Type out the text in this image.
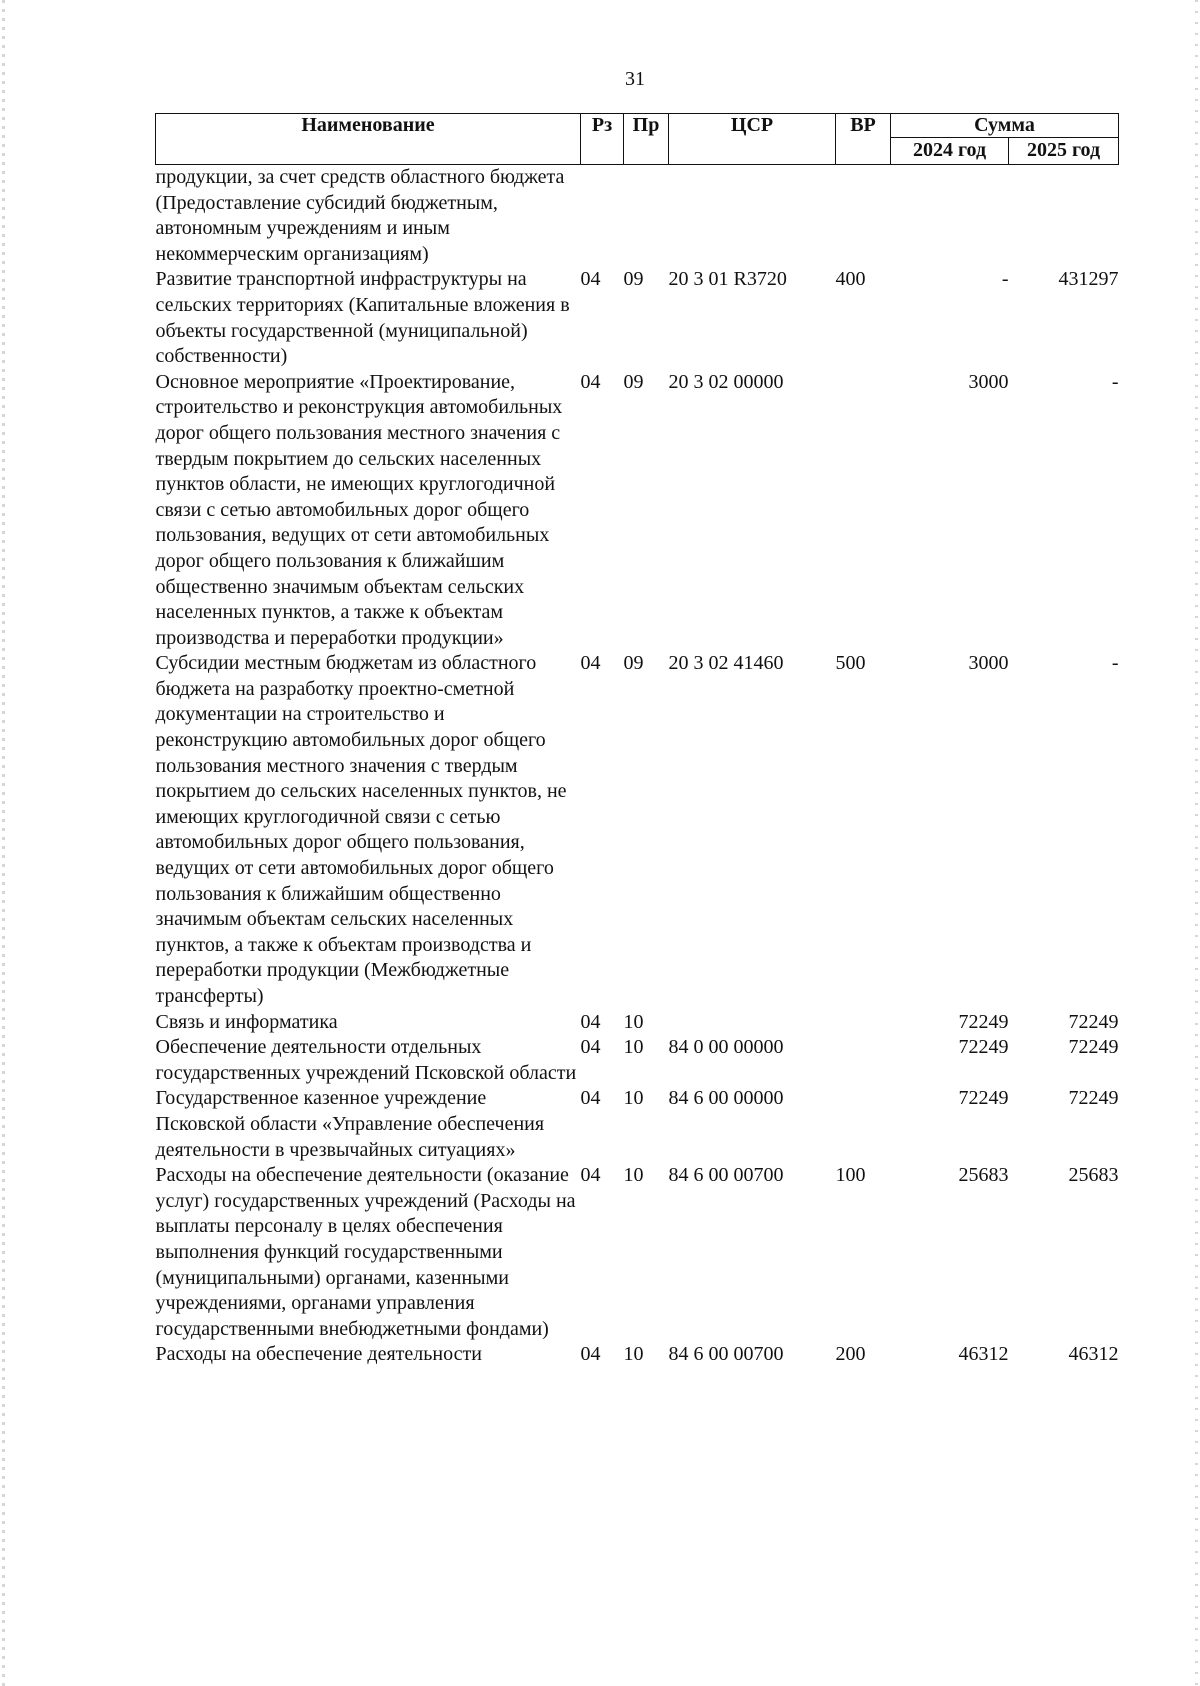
31
Наименование	Рз	Пр	ЦСР	ВР	Сумма	
					2024 год	2025 год
продукции, за счет средств областного бюджета (Предоставление субсидий бюджетным, автономным учреждениям и иным некоммерческим организациям)						
Развитие транспортной инфраструктуры на сельских территориях (Капитальные вложения в объекты государственной (муниципальной) собственности)	04	09	20 3 01 R3720	400	-	431297
Основное мероприятие «Проектирование, строительство и реконструкция автомобильных дорог общего пользования местного значения с твердым покрытием до сельских населенных пунктов области, не имеющих круглогодичной связи с сетью автомобильных дорог общего пользования, ведущих от сети автомобильных дорог общего пользования к ближайшим общественно значимым объектам сельских населенных пунктов, а также к объектам производства и переработки продукции»	04	09	20 3 02 00000		3000	-
Субсидии местным бюджетам из областного бюджета на разработку проектно-сметной документации на строительство и реконструкцию автомобильных дорог общего пользования местного значения с твердым покрытием до сельских населенных пунктов, не имеющих круглогодичной связи с сетью автомобильных дорог общего пользования, ведущих от сети автомобильных дорог общего пользования к ближайшим общественно значимым объектам сельских населенных пунктов, а также к объектам производства и переработки продукции (Межбюджетные трансферты)	04	09	20 3 02 41460	500	3000	-
Связь и информатика	04	10			72249	72249
Обеспечение деятельности отдельных государственных учреждений Псковской области	04	10	84 0 00 00000		72249	72249
Государственное казенное учреждение Псковской области «Управление обеспечения деятельности в чрезвычайных ситуациях»	04	10	84 6 00 00000		72249	72249
Расходы на обеспечение деятельности (оказание услуг) государственных учреждений (Расходы на выплаты персоналу в целях обеспечения выполнения функций государственными (муниципальными) органами, казенными учреждениями, органами управления государственными внебюджетными фондами)	04	10	84 6 00 00700	100	25683	25683
Расходы на обеспечение деятельности	04	10	84 6 00 00700	200	46312	46312
